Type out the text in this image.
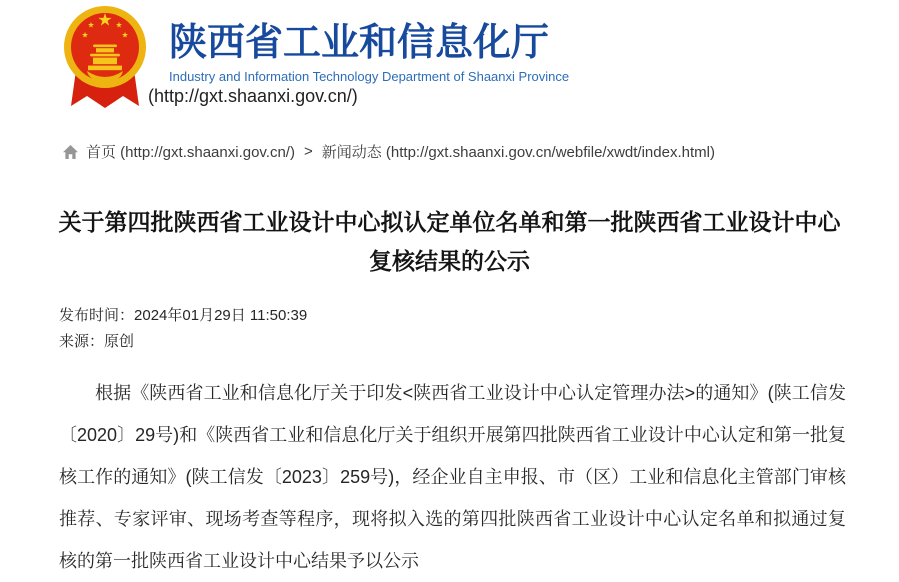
陕西省工业和信息化厅
Industry and Information Technology Department of Shaanxi Province
(http://gxt.shaanxi.gov.cn/)
首页 (http://gxt.shaanxi.gov.cn/) > 新闻动态 (http://gxt.shaanxi.gov.cn/webfile/xwdt/index.html)
关于第四批陕西省工业设计中心拟认定单位名单和第一批陕西省工业设计中心复核结果的公示
发布时间：2024年01月29日 11:50:39
来源：原创

根据《陕西省工业和信息化厅关于印发<陕西省工业设计中心认定管理办法>的通知》(陕工信发〔2020〕29号)和《陕西省工业和信息化厅关于组织开展第四批陕西省工业设计中心认定和第一批复核工作的通知》(陕工信发〔2023〕259号)，经企业自主申报、市（区）工业和信息化主管部门审核推荐、专家评审、现场考查等程序，现将拟入选的第四批陕西省工业设计中心认定名单和拟通过复核的第一批陕西省工业设计中心结果予以公示
